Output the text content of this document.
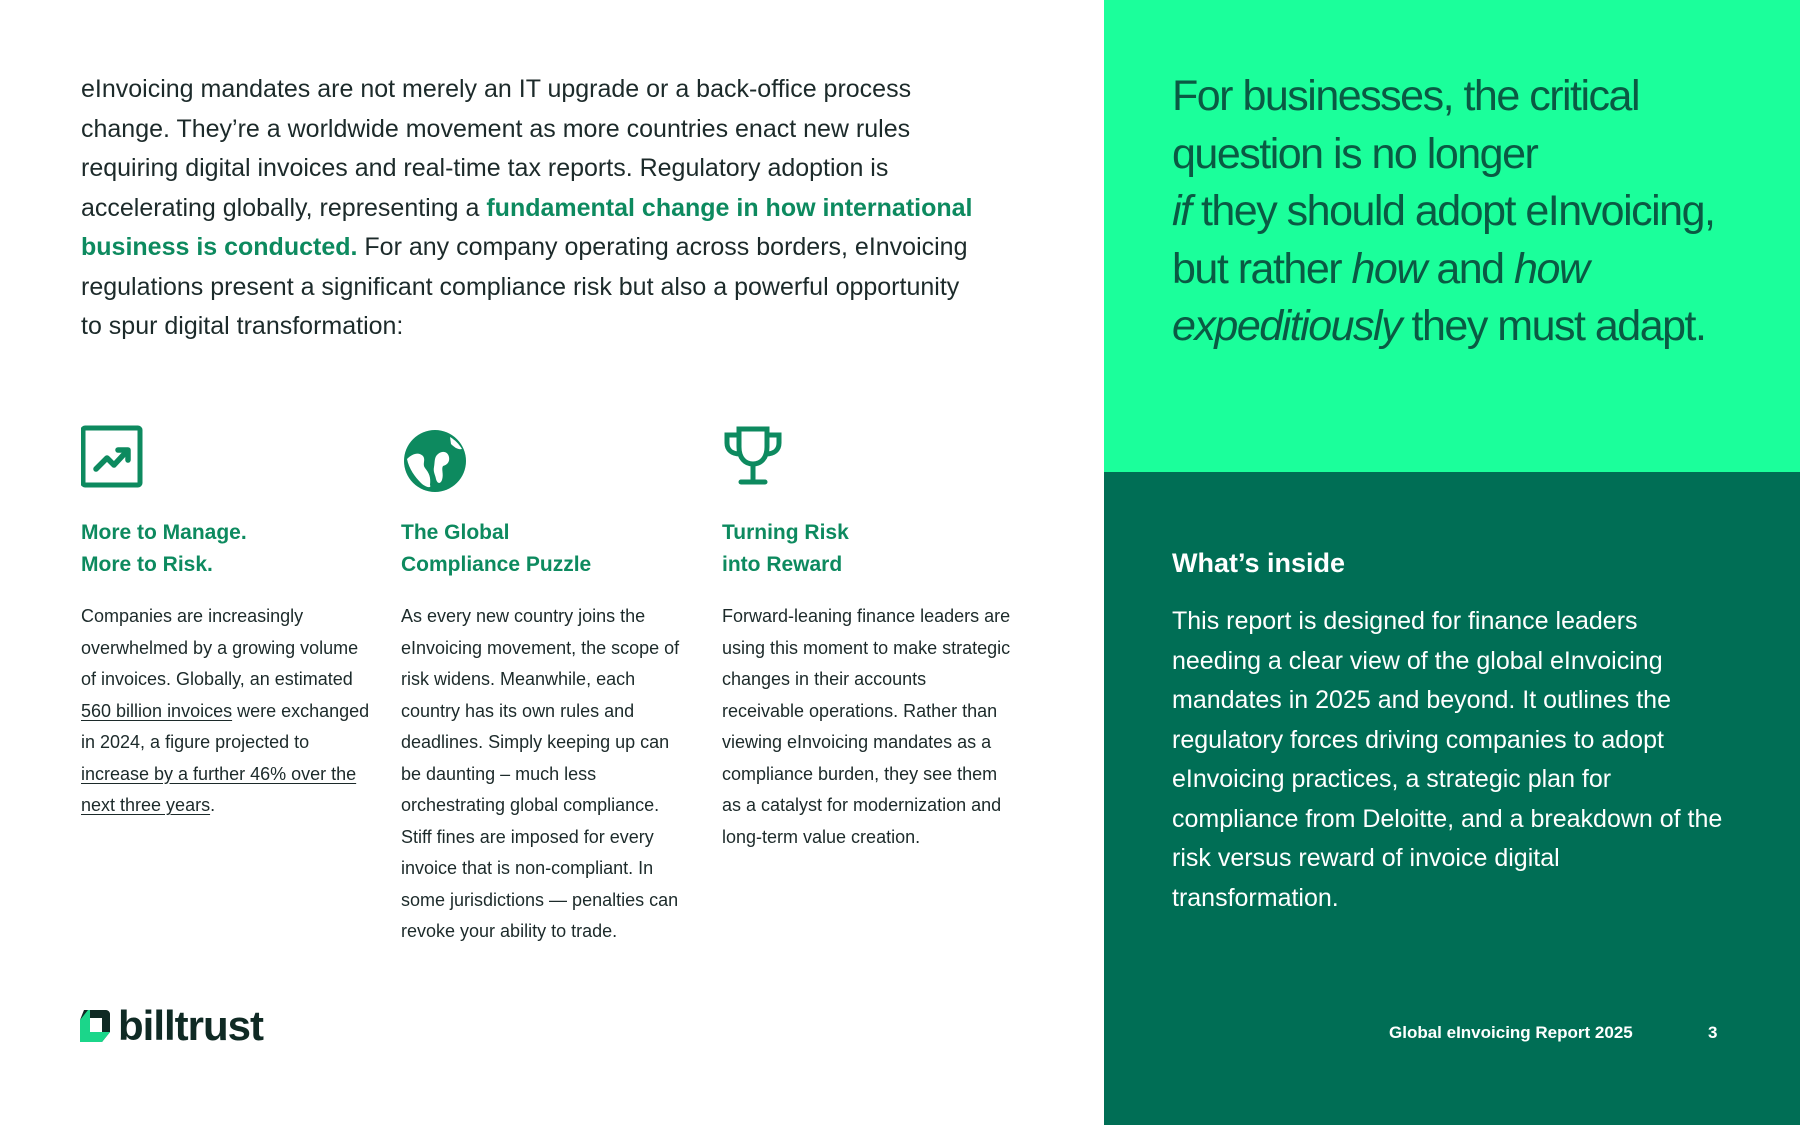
eInvoicing mandates are not merely an IT upgrade or a back-office process change. They’re a worldwide movement as more countries enact new rules requiring digital invoices and real-time tax reports. Regulatory adoption is accelerating globally, representing a fundamental change in how international business is conducted. For any company operating across borders, eInvoicing regulations present a significant compliance risk but also a powerful opportunity to spur digital transformation:

More to Manage.
More to Risk.

Companies are increasingly overwhelmed by a growing volume of invoices. Globally, an estimated 560 billion invoices were exchanged in 2024, a figure projected to increase by a further 46% over the next three years.

The Global
Compliance Puzzle

As every new country joins the eInvoicing movement, the scope of risk widens. Meanwhile, each country has its own rules and deadlines. Simply keeping up can be daunting – much less orchestrating global compliance. Stiff fines are imposed for every invoice that is non-compliant. In some jurisdictions — penalties can revoke your ability to trade.

Turning Risk
into Reward

Forward-leaning finance leaders are using this moment to make strategic changes in their accounts receivable operations. Rather than viewing eInvoicing mandates as a compliance burden, they see them as a catalyst for modernization and long-term value creation.

billtrust

For businesses, the critical question is no longer
if they should adopt eInvoicing, but rather how and how expeditiously they must adapt.

What’s inside

This report is designed for finance leaders needing a clear view of the global eInvoicing mandates in 2025 and beyond. It outlines the regulatory forces driving companies to adopt eInvoicing practices, a strategic plan for compliance from Deloitte, and a breakdown of the risk versus reward of invoice digital transformation.

Global eInvoicing Report 2025	3
